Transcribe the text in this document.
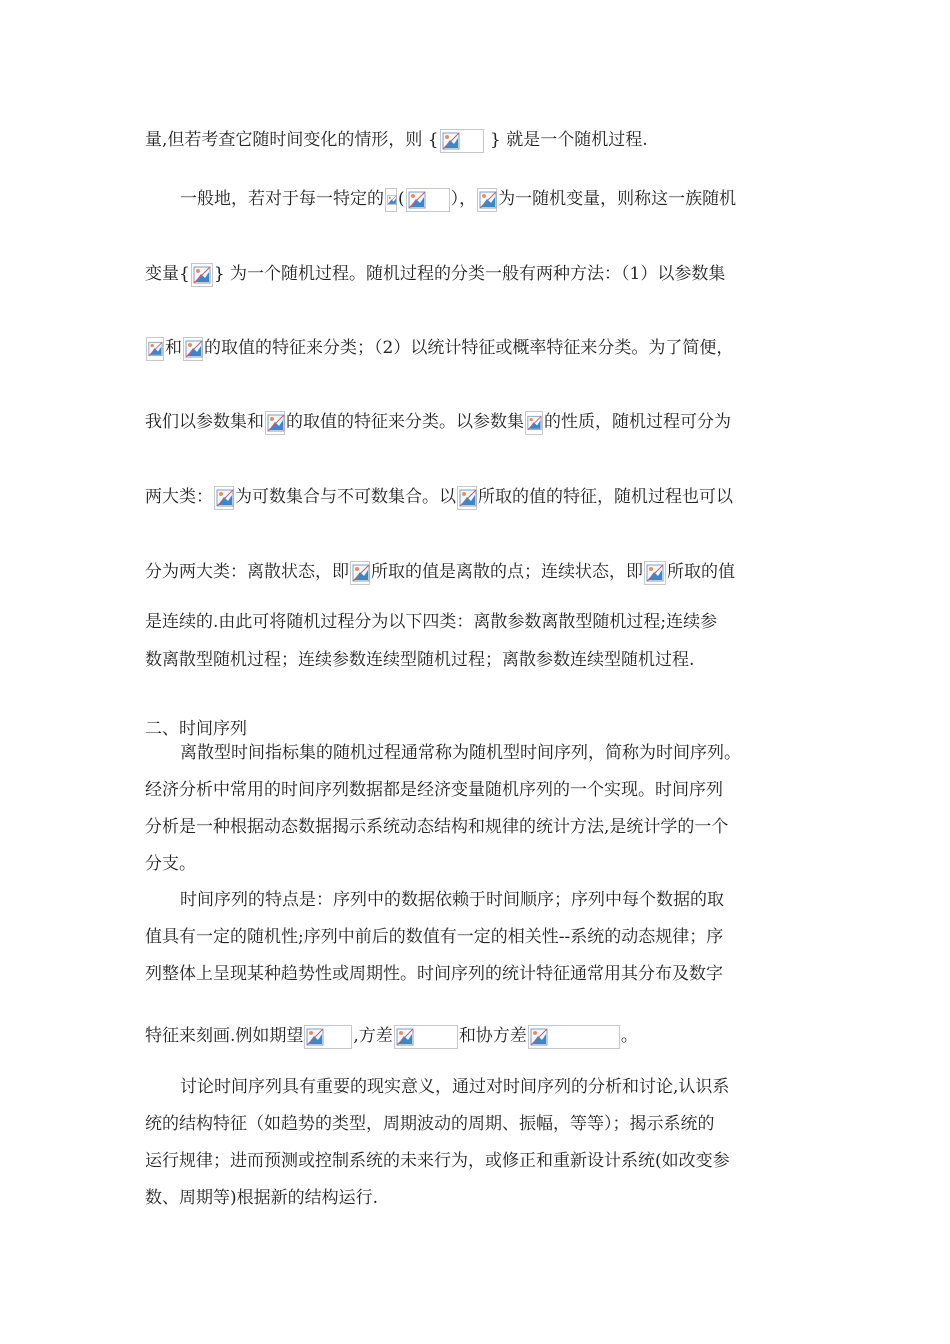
量,但若考查它随时间变化的情形，则 {	} 就是一个随机过程.
一般地，若对于每一特定的 (	）， 为一随机变量，则称这一族随机
变量{ } 为一个随机过程。随机过程的分类一般有两种方法：（1）以参数集
和 的取值的特征来分类；（2）以统计特征或概率特征来分类。为了简便，
我们以参数集和 的取值的特征来分类。以参数集 的性质，随机过程可分为
两大类： 为可数集合与不可数集合。以 所取的值的特征，随机过程也可以
分为两大类：离散状态，即 所取的值是离散的点；连续状态，即 所取的值
是连续的.由此可将随机过程分为以下四类：离散参数离散型随机过程;连续参
数离散型随机过程；连续参数连续型随机过程；离散参数连续型随机过程.
二、时间序列
离散型时间指标集的随机过程通常称为随机型时间序列，简称为时间序列。
经济分析中常用的时间序列数据都是经济变量随机序列的一个实现。时间序列
分析是一种根据动态数据揭示系统动态结构和规律的统计方法,是统计学的一个
分支。
时间序列的特点是：序列中的数据依赖于时间顺序；序列中每个数据的取
值具有一定的随机性;序列中前后的数值有一定的相关性--系统的动态规律；序
列整体上呈现某种趋势性或周期性。时间序列的统计特征通常用其分布及数字
特征来刻画.例如期望	,方差	和协方差	。
讨论时间序列具有重要的现实意义，通过对时间序列的分析和讨论,认识系
统的结构特征（如趋势的类型，周期波动的周期、振幅，等等）；揭示系统的
运行规律；进而预测或控制系统的未来行为，或修正和重新设计系统(如改变参
数、周期等)根据新的结构运行.
